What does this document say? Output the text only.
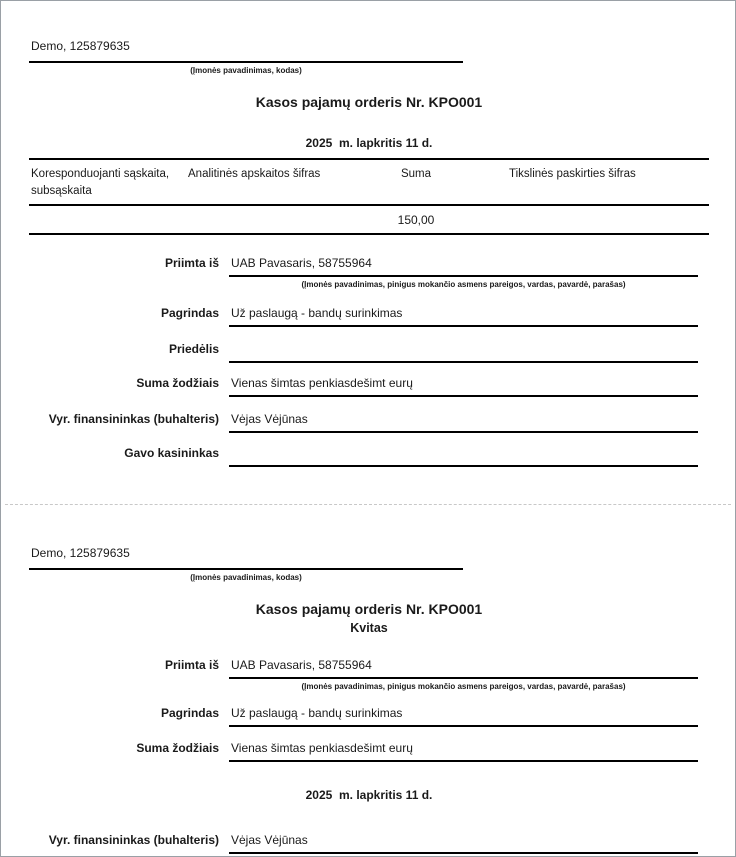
Demo, 125879635
(Įmonės pavadinimas, kodas)
Kasos pajamų orderis Nr. KPO001
2025  m. lapkritis 11 d.
Koresponduojanti sąskaita, subsąskaita
Analitinės apskaitos šifras	Suma	Tikslinės paskirties šifras
150,00
Priimta iš UAB Pavasaris, 58755964
(Įmonės pavadinimas, pinigus mokančio asmens pareigos, vardas, pavardė, parašas)
Pagrindas Už paslaugą - bandų surinkimas
Priedėlis
Suma žodžiais Vienas šimtas penkiasdešimt eurų
Vyr. finansininkas (buhalteris) Vėjas Vėjūnas
Gavo kasininkas
Demo, 125879635
(Įmonės pavadinimas, kodas)
Kasos pajamų orderis Nr. KPO001
Kvitas
Priimta iš UAB Pavasaris, 58755964
(Įmonės pavadinimas, pinigus mokančio asmens pareigos, vardas, pavardė, parašas)
Pagrindas Už paslaugą - bandų surinkimas
Suma žodžiais Vienas šimtas penkiasdešimt eurų
2025  m. lapkritis 11 d.
Vyr. finansininkas (buhalteris) Vėjas Vėjūnas
